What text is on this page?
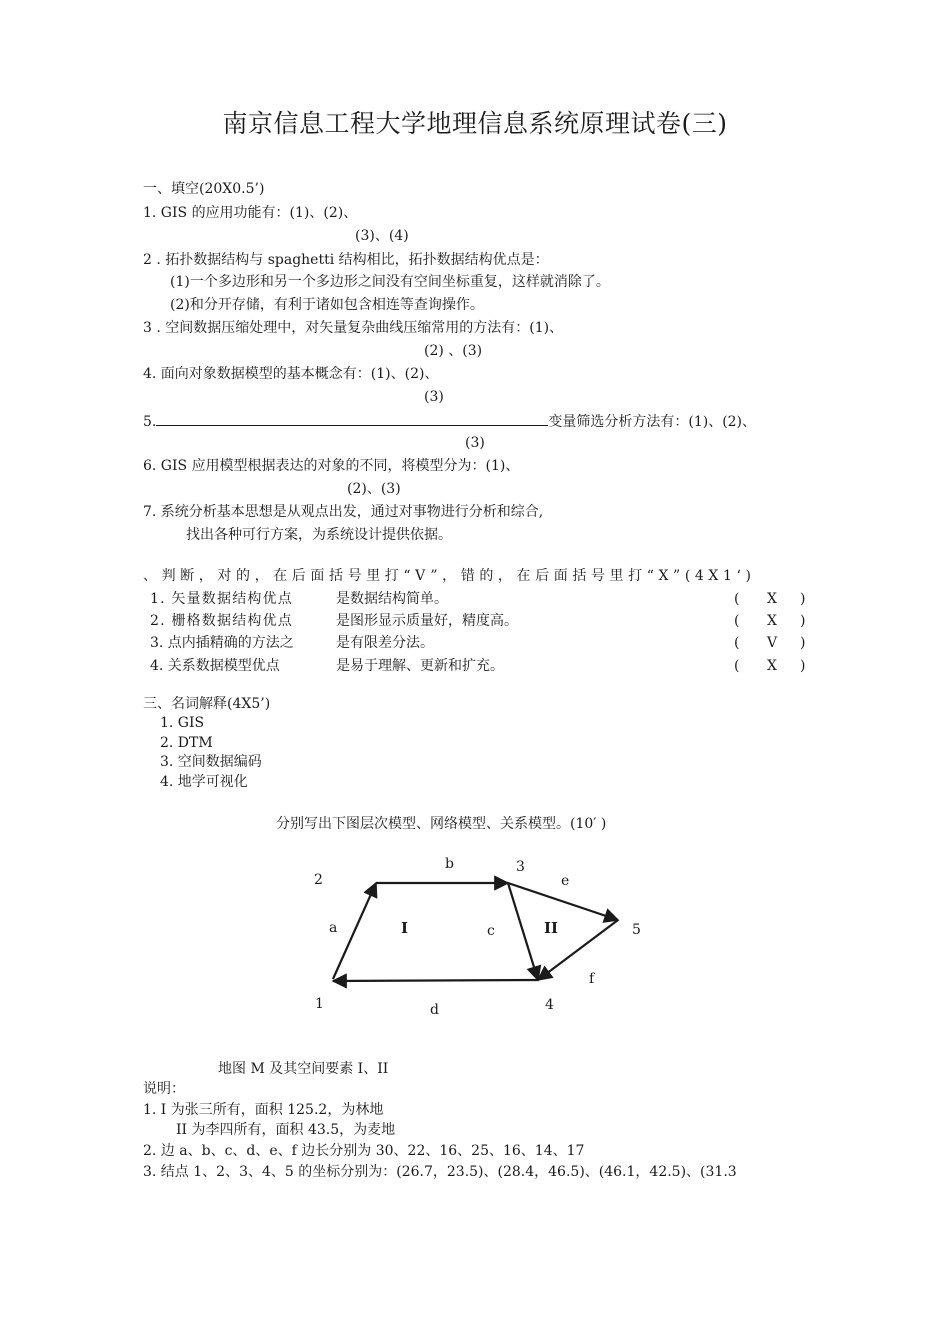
南京信息工程大学地理信息系统原理试卷(三)
一、填空(20X0.5’)
1. GIS 的应用功能有：(1)、(2)、
(3)、(4)
2 . 拓扑数据结构与 spaghetti 结构相比，拓扑数据结构优点是：
(1)一个多边形和另一个多边形之间没有空间坐标重复，这样就消除了。
(2)和分开存储，有利于诸如包含相连等查询操作。
3 . 空间数据压缩处理中，对矢量复杂曲线压缩常用的方法有：(1)、
(2) 、(3)
4. 面向对象数据模型的基本概念有：(1)、(2)、
(3)
5.	变量筛选分析方法有：(1)、(2)、
(3)
6. GIS 应用模型根据表达的对象的不同，将模型分为：(1)、
(2)、(3)
7. 系统分析基本思想是从观点出发，通过对事物进行分析和综合,
找出各种可行方案，为系统设计提供依据。
、判断，对的，在后面括号里打“V”，错的，在后面括号里打“X”(4X1‘)
1. 矢量数据结构优点	是数据结构简单。	( X )
2. 栅格数据结构优点	是图形显示质量好，精度高。	( X )
3. 点内插精确的方法之	是有限差分法。	( V )
4. 关系数据模型优点	是易于理解、更新和扩充。	( X )
三、名词解释(4X5’)
1. GIS
2. DTM
3. 空间数据编码
4. 地学可视化
分别写出下图层次模型、网络模型、关系模型。(10′ )
1
2
3
4
5
a
b
c
d
e
f
I	II
地图 M 及其空间要素 I、II
说明：
1. I 为张三所有，面积 125.2，为林地
II 为李四所有，面积 43.5，为麦地
2. 边 a、b、c、d、e、f 边长分别为 30、22、16、25、16、14、17
3. 结点 1、2、3、4、5 的坐标分别为：(26.7，23.5)、(28.4，46.5)、(46.1，42.5)、(31.3
